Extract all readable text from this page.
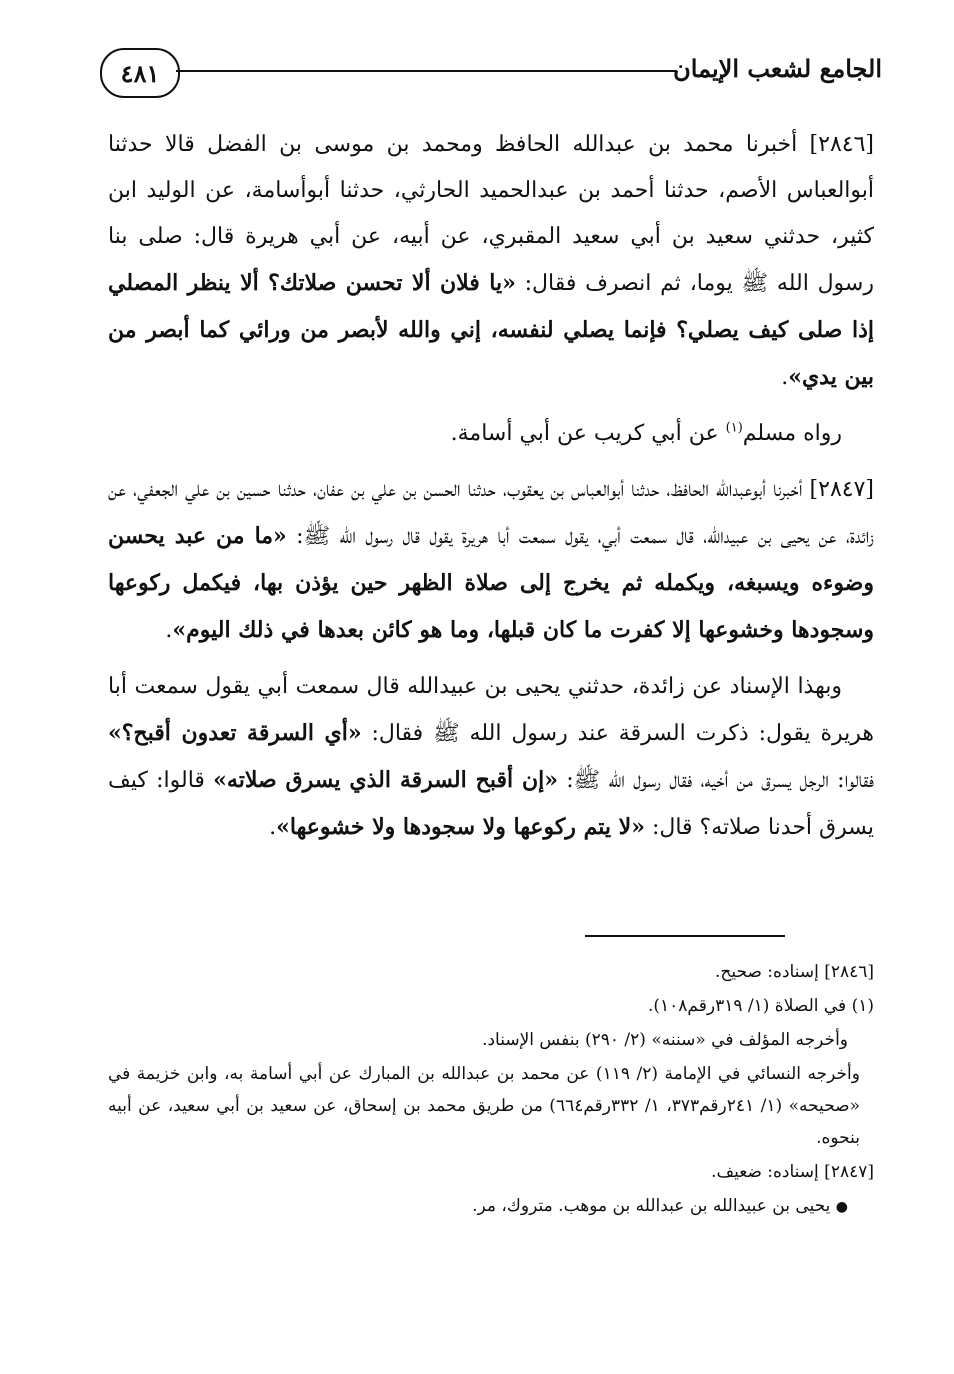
٤٨١	الجامع لشعب الإيمان

[٢٨٤٦] أخبرنا محمد بن عبدالله الحافظ ومحمد بن موسى بن الفضل قالا حدثنا أبوالعباس الأصم، حدثنا أحمد بن عبدالحميد الحارثي، حدثنا أبوأسامة، عن الوليد ابن كثير، حدثني سعيد بن أبي سعيد المقبري، عن أبيه، عن أبي هريرة قال: صلى بنا رسول الله ﷺ يوما، ثم انصرف فقال: «يا فلان ألا تحسن صلاتك؟ ألا ينظر المصلي إذا صلى كيف يصلي؟ فإنما يصلي لنفسه، إني والله لأبصر من ورائي كما أبصر من بين يدي».

رواه مسلم$^{(١)}$ عن أبي كريب عن أبي أسامة.

[٢٨٤٧] أخبرنا أبوعبدالله الحافظ، حدثنا أبوالعباس بن يعقوب، حدثنا الحسن بن علي بن عفان، حدثنا حسين بن علي الجعفي، عن زائدة، عن يحيى بن عبيدالله، قال سمعت أبي، يقول سمعت أبا هريرة يقول قال رسول الله ﷺ: «ما من عبد يحسن وضوءه ويسبغه، ويكمله ثم يخرج إلى صلاة الظهر حين يؤذن بها، فيكمل ركوعها وسجودها وخشوعها إلا كفرت ما كان قبلها، وما هو كائن بعدها في ذلك اليوم».

وبهذا الإسناد عن زائدة، حدثني يحيى بن عبيدالله قال سمعت أبي يقول سمعت أبا هريرة يقول: ذكرت السرقة عند رسول الله ﷺ فقال: «أي السرقة تعدون أقبح؟» فقالوا: الرجل يسرق من أخيه، فقال رسول الله ﷺ: «إن أقبح السرقة الذي يسرق صلاته» قالوا: كيف يسرق أحدنا صلاته؟ قال: «لا يتم ركوعها ولا سجودها ولا خشوعها».

[٢٨٤٦] إسناده: صحيح.

(١) في الصلاة (١/ ٣١٩رقم١٠٨).

وأخرجه المؤلف في «سننه» (٢/ ٢٩٠) بنفس الإسناد.

وأخرجه النسائي في الإمامة (٢/ ١١٩) عن محمد بن عبدالله بن المبارك عن أبي أسامة به، وابن خزيمة في «صحيحه» (١/ ٢٤١رقم٣٧٣، ١/ ٣٣٢رقم٦٦٤) من طريق محمد بن إسحاق، عن سعيد بن أبي سعيد، عن أبيه بنحوه.

[٢٨٤٧] إسناده: ضعيف.

● يحيى بن عبيدالله بن عبدالله بن موهب. متروك، مر.
